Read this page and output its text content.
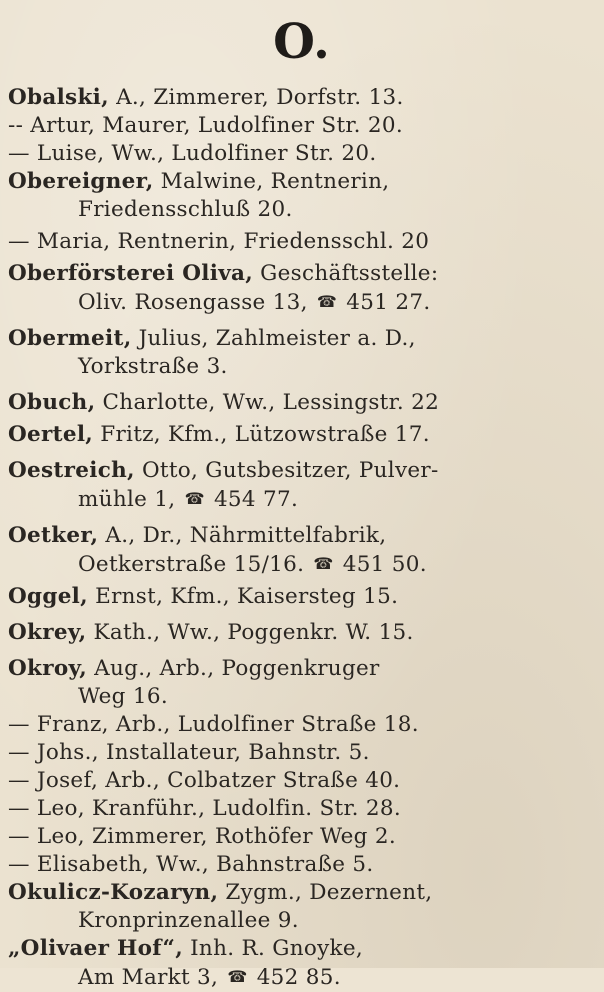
O.
Obalski, A., Zimmerer, Dorfstr. 13.
-- Artur, Maurer, Ludolfiner Str. 20.
— Luise, Ww., Ludolfiner Str. 20.
Obereigner, Malwine, Rentnerin,
Friedensschluß 20.
— Maria, Rentnerin, Friedensschl. 20
Oberförsterei Oliva, Geschäftsstelle:
Oliv. Rosengasse 13, ☎ 451 27.
Obermeit, Julius, Zahlmeister a. D.,
Yorkstraße 3.
Obuch, Charlotte, Ww., Lessingstr. 22
Oertel, Fritz, Kfm., Lützowstraße 17.
Oestreich, Otto, Gutsbesitzer, Pulver-
mühle 1, ☎ 454 77.
Oetker, A., Dr., Nährmittelfabrik,
Oetkerstraße 15/16. ☎ 451 50.
Oggel, Ernst, Kfm., Kaisersteg 15.
Okrey, Kath., Ww., Poggenkr. W. 15.
Okroy, Aug., Arb., Poggenkruger
Weg 16.
— Franz, Arb., Ludolfiner Straße 18.
— Johs., Installateur, Bahnstr. 5.
— Josef, Arb., Colbatzer Straße 40.
— Leo, Kranführ., Ludolfin. Str. 28.
— Leo, Zimmerer, Rothöfer Weg 2.
— Elisabeth, Ww., Bahnstraße 5.
Okulicz-Kozaryn, Zygm., Dezernent,
Kronprinzenallee 9.
„Olivaer Hof“, Inh. R. Gnoyke,
Am Markt 3, ☎ 452 85.
